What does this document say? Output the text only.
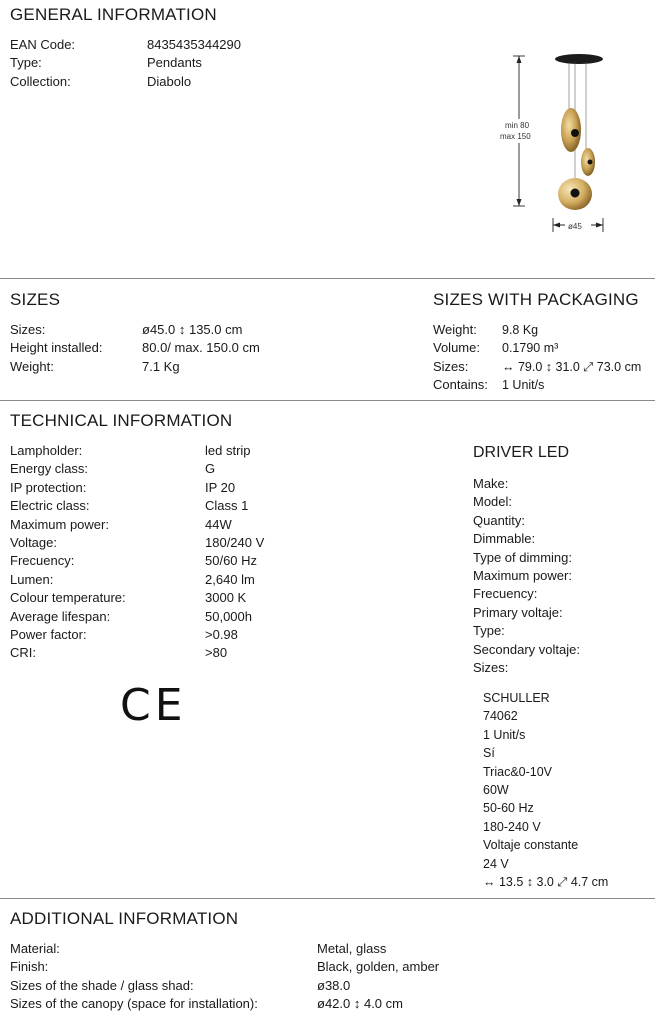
GENERAL INFORMATION
EAN Code:
Type:
Collection:
8435435344290
Pendants
Diabolo
min 80
max 150
ø45
SIZES
Sizes:
Height installed:
Weight:
ø45.0 ↕ 135.0 cm
80.0/ max. 150.0 cm
7.1 Kg
SIZES WITH PACKAGING
Weight:
Volume:
Sizes:
Contains:
9.8 Kg
0.1790 m³
↔ 79.0 ↕ 31.0 ⤢ 73.0 cm
1 Unit/s
TECHNICAL INFORMATION
Lampholder:
Energy class:
IP protection:
Electric class:
Maximum power:
Voltage:
Frecuency:
Lumen:
Colour temperature:
Average lifespan:
Power factor:
CRI:
led strip
G
IP 20
Class 1
44W
180/240 V
50/60 Hz
2,640 lm
3000 K
50,000h
>0.98
>80
CE
DRIVER LED
Make:
Model:
Quantity:
Dimmable:
Type of dimming:
Maximum power:
Frecuency:
Primary voltaje:
Type:
Secondary voltaje:
Sizes:
SCHULLER
74062
1 Unit/s
Sí
Triac&0-10V
60W
50-60 Hz
180-240 V
Voltaje constante
24 V
↔ 13.5 ↕ 3.0 ⤢ 4.7 cm
ADDITIONAL INFORMATION
Material:
Finish:
Sizes of the shade / glass shad:
Sizes of the canopy (space for installation):
Metal, glass
Black, golden, amber
ø38.0
ø42.0 ↕ 4.0 cm
